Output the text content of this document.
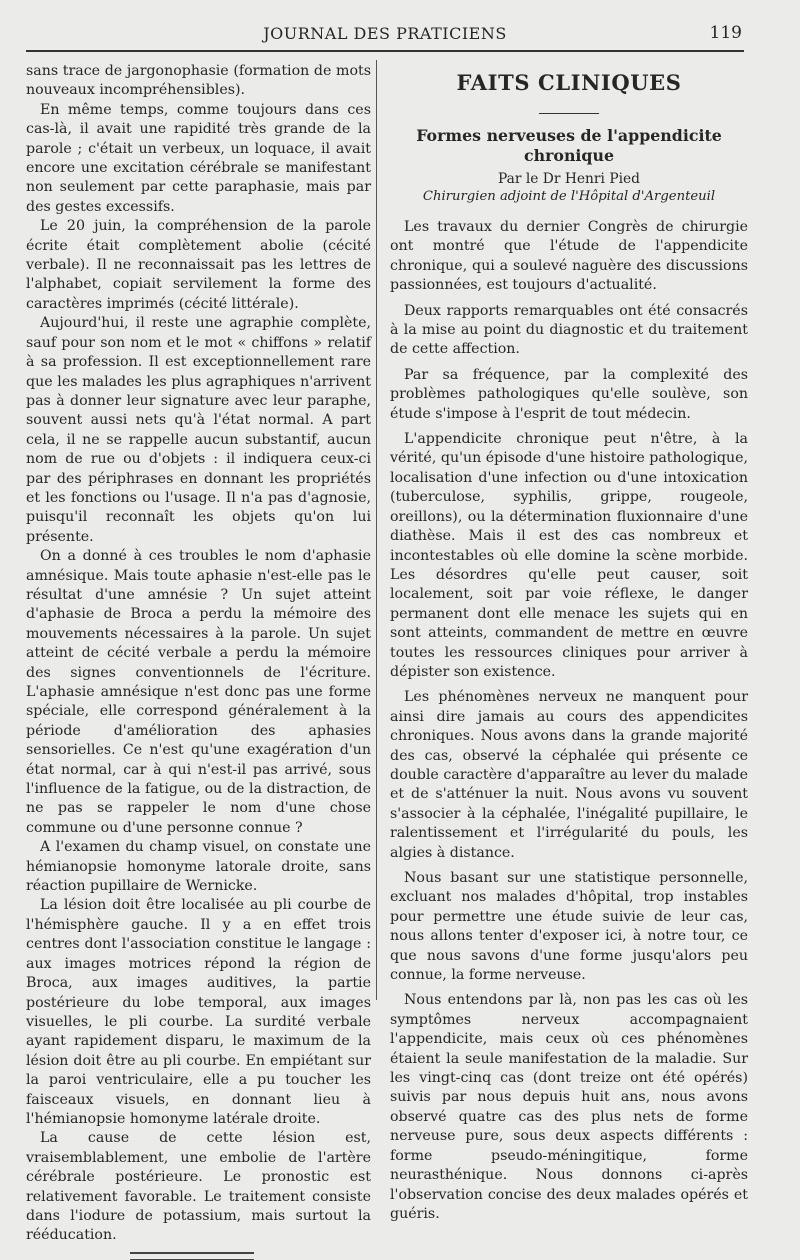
JOURNAL DES PRATICIENS	119

sans trace de jargonophasie (formation de mots nouveaux incompréhensibles).

En même temps, comme toujours dans ces cas-là, il avait une rapidité très grande de la parole ; c'était un verbeux, un loquace, il avait encore une excitation cérébrale se manifestant non seulement par cette paraphasie, mais par des gestes excessifs.

Le 20 juin, la compréhension de la parole écrite était complètement abolie (cécité verbale). Il ne reconnaissait pas les lettres de l'alphabet, copiait servilement la forme des caractères imprimés (cécité littérale).

Aujourd'hui, il reste une agraphie complète, sauf pour son nom et le mot « chiffons » relatif à sa profession. Il est exceptionnellement rare que les malades les plus agraphiques n'arrivent pas à donner leur signature avec leur paraphe, souvent aussi nets qu'à l'état normal. A part cela, il ne se rappelle aucun substantif, aucun nom de rue ou d'objets : il indiquera ceux-ci par des périphrases en donnant les propriétés et les fonctions ou l'usage. Il n'a pas d'agnosie, puisqu'il reconnaît les objets qu'on lui présente.

On a donné à ces troubles le nom d'aphasie amnésique. Mais toute aphasie n'est-elle pas le résultat d'une amnésie ? Un sujet atteint d'aphasie de Broca a perdu la mémoire des mouvements nécessaires à la parole. Un sujet atteint de cécité verbale a perdu la mémoire des signes conventionnels de l'écriture. L'aphasie amnésique n'est donc pas une forme spéciale, elle correspond généralement à la période d'amélioration des aphasies sensorielles. Ce n'est qu'une exagération d'un état normal, car à qui n'est-il pas arrivé, sous l'influence de la fatigue, ou de la distraction, de ne pas se rappeler le nom d'une chose commune ou d'une personne connue ?

A l'examen du champ visuel, on constate une hémianopsie homonyme latorale droite, sans réaction pupillaire de Wernicke.

La lésion doit être localisée au pli courbe de l'hémisphère gauche. Il y a en effet trois centres dont l'association constitue le langage : aux images motrices répond la région de Broca, aux images auditives, la partie postérieure du lobe temporal, aux images visuelles, le pli courbe. La surdité verbale ayant rapidement disparu, le maximum de la lésion doit être au pli courbe. En empiétant sur la paroi ventriculaire, elle a pu toucher les faisceaux visuels, en donnant lieu à l'hémianopsie homonyme latérale droite.

La cause de cette lésion est, vraisemblablement, une embolie de l'artère cérébrale postérieure. Le pronostic est relativement favorable. Le traitement consiste dans l'iodure de potassium, mais surtout la rééducation.

FAITS CLINIQUES
Formes nerveuses de l'appendicite chronique
Par le Dr Henri Pied
Chirurgien adjoint de l'Hôpital d'Argenteuil

Les travaux du dernier Congrès de chirurgie ont montré que l'étude de l'appendicite chronique, qui a soulevé naguère des discussions passionnées, est toujours d'actualité.

Deux rapports remarquables ont été consacrés à la mise au point du diagnostic et du traitement de cette affection.

Par sa fréquence, par la complexité des problèmes pathologiques qu'elle soulève, son étude s'impose à l'esprit de tout médecin.

L'appendicite chronique peut n'être, à la vérité, qu'un épisode d'une histoire pathologique, localisation d'une infection ou d'une intoxication (tuberculose, syphilis, grippe, rougeole, oreillons), ou la détermination fluxionnaire d'une diathèse. Mais il est des cas nombreux et incontestables où elle domine la scène morbide. Les désordres qu'elle peut causer, soit localement, soit par voie réflexe, le danger permanent dont elle menace les sujets qui en sont atteints, commandent de mettre en œuvre toutes les ressources cliniques pour arriver à dépister son existence.

Les phénomènes nerveux ne manquent pour ainsi dire jamais au cours des appendicites chroniques. Nous avons dans la grande majorité des cas, observé la céphalée qui présente ce double caractère d'apparaître au lever du malade et de s'atténuer la nuit. Nous avons vu souvent s'associer à la céphalée, l'inégalité pupillaire, le ralentissement et l'irrégularité du pouls, les algies à distance.

Nous basant sur une statistique personnelle, excluant nos malades d'hôpital, trop instables pour permettre une étude suivie de leur cas, nous allons tenter d'exposer ici, à notre tour, ce que nous savons d'une forme jusqu'alors peu connue, la forme nerveuse.

Nous entendons par là, non pas les cas où les symptômes nerveux accompagnaient l'appendicite, mais ceux où ces phénomènes étaient la seule manifestation de la maladie. Sur les vingt-cinq cas (dont treize ont été opérés) suivis par nous depuis huit ans, nous avons observé quatre cas des plus nets de forme nerveuse pure, sous deux aspects différents : forme pseudo-méningitique, forme neurasthénique. Nous donnons ci-après l'observation concise des deux malades opérés et guéris.
